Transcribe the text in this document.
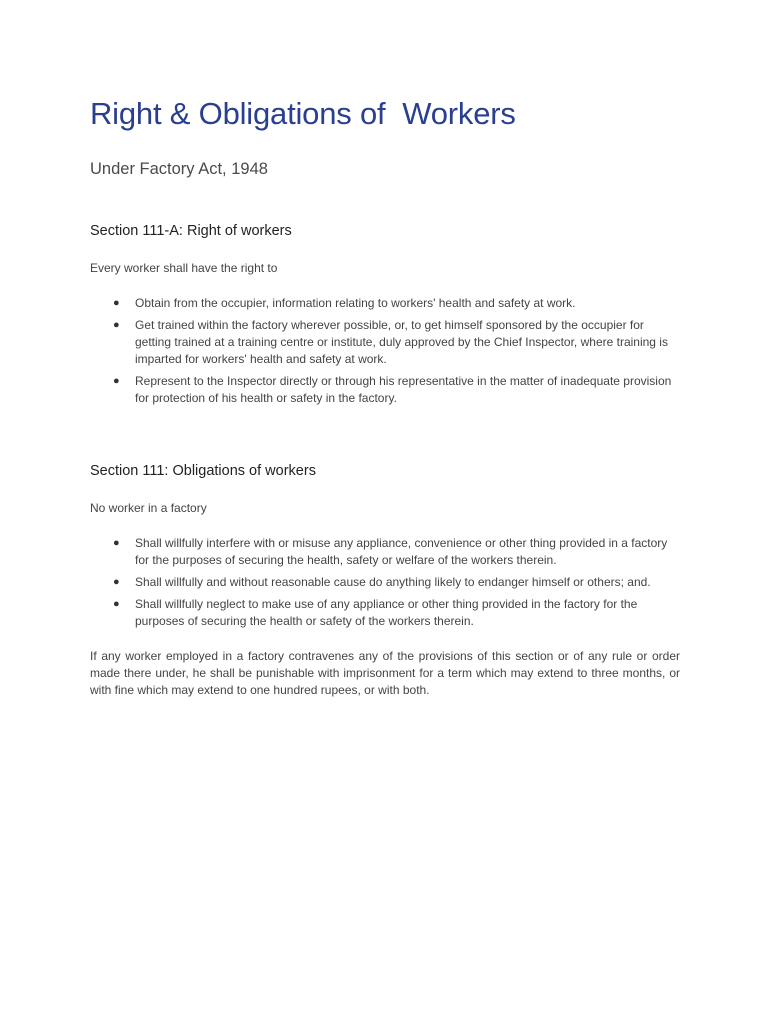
Right & Obligations of  Workers
Under Factory Act, 1948
Section 111-A: Right of workers

Every worker shall have the right to

● Obtain from the occupier, information relating to workers' health and safety at work.
● Get trained within the factory wherever possible, or, to get himself sponsored by the occupier for getting trained at a training centre or institute, duly approved by the Chief Inspector, where training is imparted for workers' health and safety at work.
● Represent to the Inspector directly or through his representative in the matter of inadequate provision for protection of his health or safety in the factory.
Section 111: Obligations of workers

No worker in a factory

● Shall willfully interfere with or misuse any appliance, convenience or other thing provided in a factory for the purposes of securing the health, safety or welfare of the workers therein.
● Shall willfully and without reasonable cause do anything likely to endanger himself or others; and.
● Shall willfully neglect to make use of any appliance or other thing provided in the factory for the purposes of securing the health or safety of the workers therein.

If any worker employed in a factory contravenes any of the provisions of this section or of any rule or order made there under, he shall be punishable with imprisonment for a term which may extend to three months, or with fine which may extend to one hundred rupees, or with both.
